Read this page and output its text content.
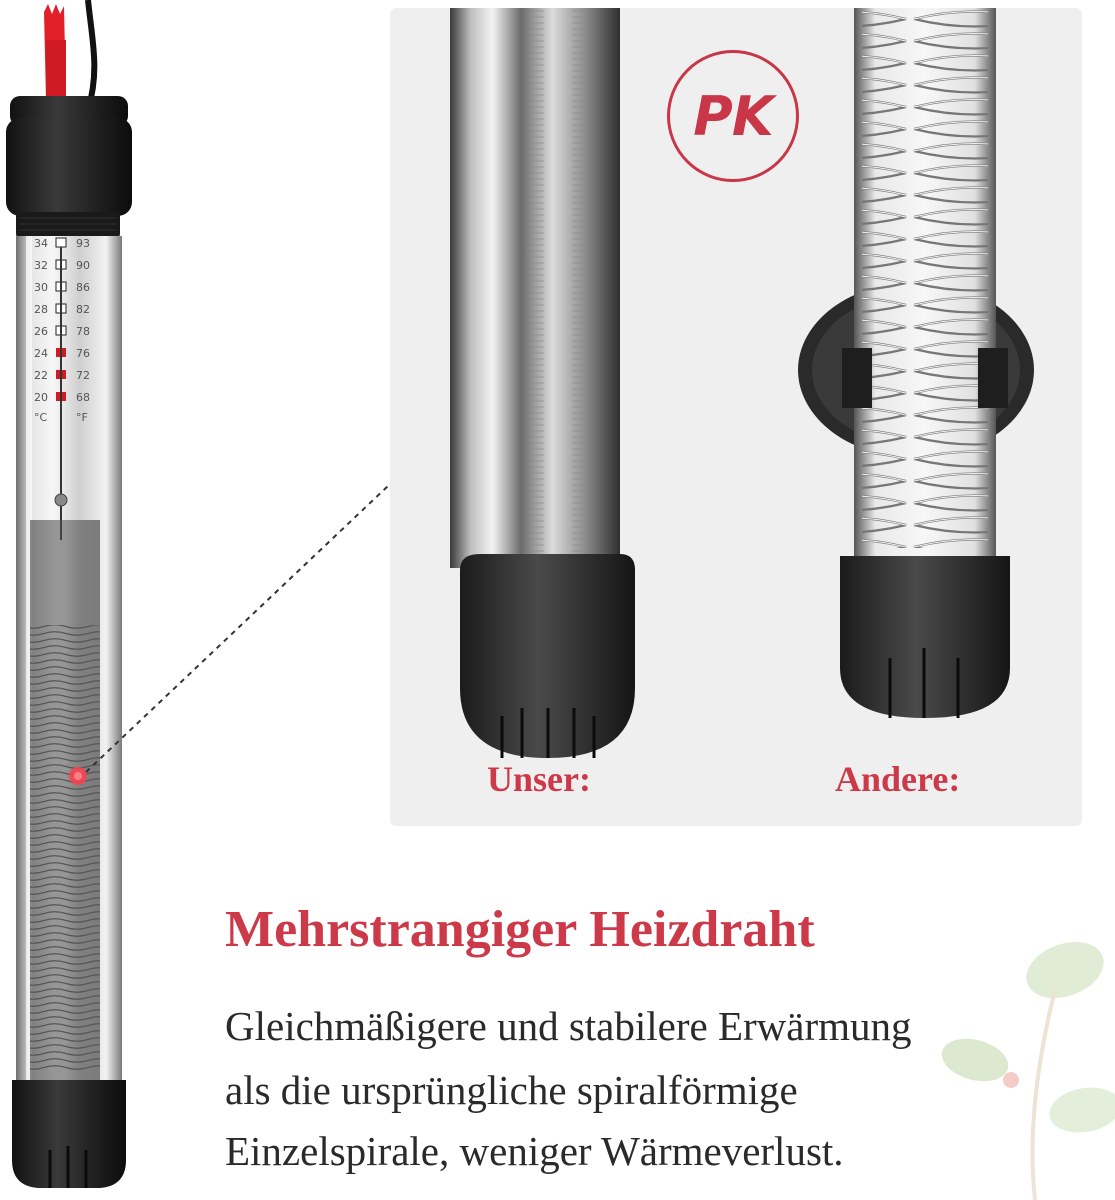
34
32
30
28
26
24
22
20
°C
93
90
86
82
78
76
72
68
°F
PK
Unser:	Andere:
Mehrstrangiger Heizdraht
Gleichmäßigere und stabilere Erwärmung
als die ursprüngliche spiralförmige
Einzelspirale, weniger Wärmeverlust.
